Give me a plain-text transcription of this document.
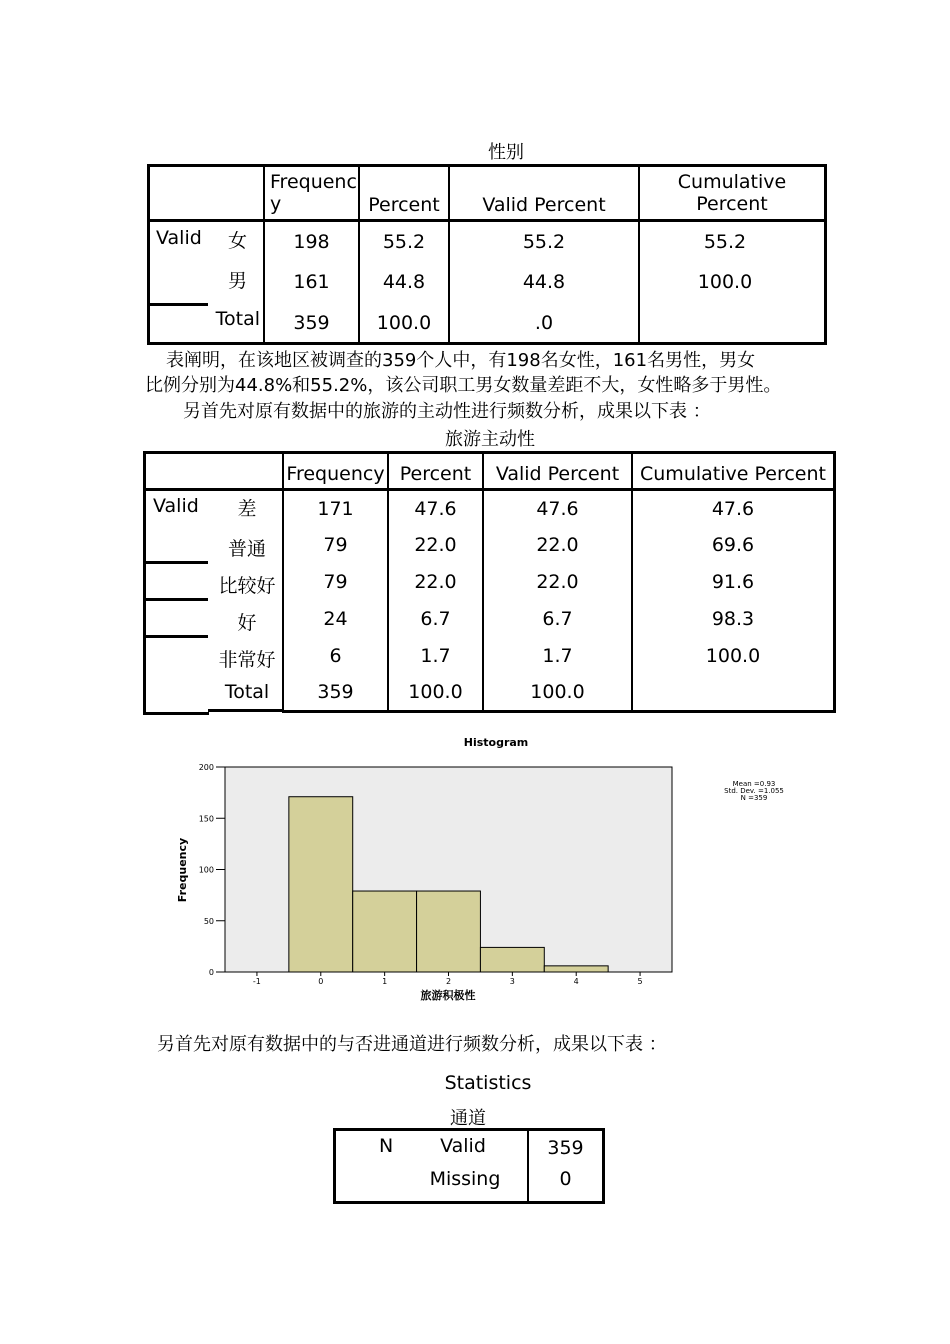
性别
	Frequenc
y	Percent	Valid Percent	Cumulative
Percent

Valid 女	198	55.2	55.2	55.2

男	161	44.8	44.8	100.0

Total	359	100.0	.0	
表阐明，在该地区被调查的359个人中，有198名女性，161名男性，男女
比例分别为44.8%和55.2%，该公司职工男女数量差距不大，女性略多于男性。
另首先对原有数据中的旅游的主动性进行频数分析，成果以下表 ：
旅游主动性
	Frequency	Percent	Valid Percent	Cumulative Percent

Valid 差	171	47.6	47.6	47.6

普通	79	22.0	22.0	69.6

比较好	79	22.0	22.0	91.6

好	24	6.7	6.7	98.3

非常好	6	1.7	1.7	100.0

Total	359	100.0	100.0	
Histogram
-1	0	1	2	3	4	5
0
50
100
150
200
Frequency
旅游积极性
Mean =0.93
Std. Dev. =1.055
N =359
另首先对原有数据中的与否进通道进行频数分析，成果以下表 ：
Statistics
通道
N Valid	359

Missing	0
